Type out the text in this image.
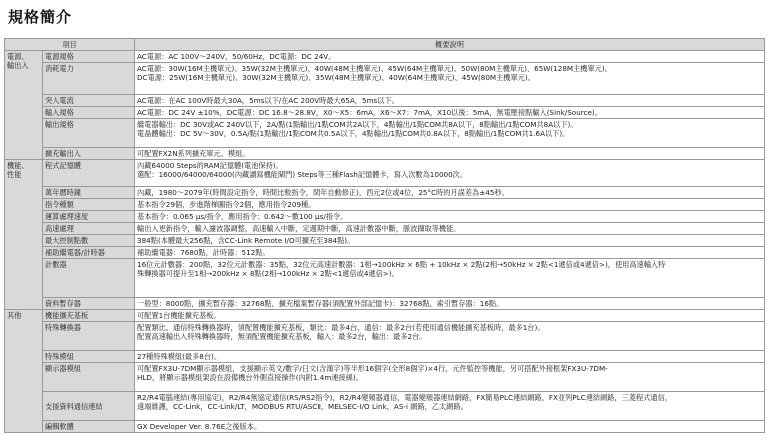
規格簡介
項目		概要說明

電源、
輸出入	電源規格	AC電源：AC 100V〜240V，50/60Hz，DC電源：DC 24V。

	消耗電力	AC電源：30W(16M主機單元)、35W(32M主機單元)、40W(48M主機單元)、45W(64M主機單元)、50W(80M主機單元)、65W(128M主機單元)。
DC電源：25W(16M主機單元)、30W(32M主機單元)、35W(48M主機單元)、40W(64M主機單元)、45W(80M主機單元)。

	突入電流	AC電源：在AC 100V時最大30A，5ms以下/在AC 200V時最大65A，5ms以下。

	輸入規格	AC電源：DC 24V ±10%，DC電源：DC 16.8〜28.8V，X0〜X5：6mA，X6〜X7：7mA，X10以後：5mA，無電壓接點輸入(Sink/Source)。

	輸出規格	繼電器輸出：DC 30V或AC 240V以下，2A/點(1點輸出/1點COM共2A以下，4點輸出/1點COM共8A以下，8點輸出/1點COM共8A以下)。
電晶體輸出：DC 5V〜30V，0.5A/點(1點輸出/1點COM共0.5A以下，4點輸出/1點COM共0.8A以下，8點輸出/1點COM共1.6A以下)。

	擴充輸出入	可配置FX2N系列擴充單元、模組。

機能、
性能	程式記憶體	內藏64000 Steps的RAM記憶體(電池保持)。
選配：16000/64000/64000(內藏讀寫機能閘門) Steps等三種Flash記憶體卡，寫入次數為10000次。

	萬年曆時鐘	內藏，1980〜2079年(時間設定指令，時間比較指令，閏年自動修正)，西元2位或4位，25°C時的月誤差為±45秒。

	指令種類	基本指令29個，步進階梯圖指令2個，應用指令209種。

	運算處理速度	基本指令：0.065 μs/指令，應用指令：0.642〜數100 μs/指令。

	高速處理	輸出入更新指令，輸入濾波器調整，高速輸入中斷，定週期中斷，高速計數器中斷，脈波擷取等機能。

	最大控制點數	384點(本體最大256點，含CC-Link Remote I/O可擴充至384點)。

	補助繼電器/計時器	補助繼電器：7680點，計時器：512點。

	計數器	16位元計數器：200點，32位元計數器：35點，32位元高速計數器：1相→100kHz × 6點 + 10kHz × 2點(2相→50kHz × 2點<1遞倍或4遞倍>)，使用高速輸入特
殊轉換器可提升至1相→200kHz × 8點(2相→100kHz × 2點<1遞倍或4遞倍>)。

	資料暫存器	一般型：8000點，擴充暫存器：32768點，擴充檔案暫存器(須配置外部記憶卡)：32768點，索引暫存器：16點。

其他	機能擴充基板	可配置1台機能擴充基板。

	特殊轉換器	配置類比、通信特殊轉換器時，須配置機能擴充基板，類比：最多4台，通信：最多2台(若使用通信機能擴充基板時，最多1台)。
配置高速輸出入特殊轉換器時，無須配置機能擴充基板，輸入：最多2台，輸出：最多2台。

	特殊模組	27種特殊模組(最多8台)。

	顯示器模組	可配置FX3U-7DM顯示器模組，支援顯示英文/數字/日文(含漢字)等半形16個字(全形8個字)×4行，元件監控等機能，另可搭配外接框架FX3U-7DM-
HLD，將顯示器模組架設在設備機台外側直接操作(內附1.4m連接線)。

	支援資料通信連結	R2/R4電腦連結(專用協定)，R2/R4無協定通信(RS/RS2指令)，R2/R4變頻器通信，電器變頻器連結網路，FX簡易PLC連結網路，FX並列PLC連結網路，三菱程式通信，
遠端維護，CC-Link，CC-Link/LT，MODBUS RTU/ASCⅡ，MELSEC-I/O Link，AS-i 網路，乙太網路。

	編輯軟體	GX Developer Ver. 8.76E之後版本。
